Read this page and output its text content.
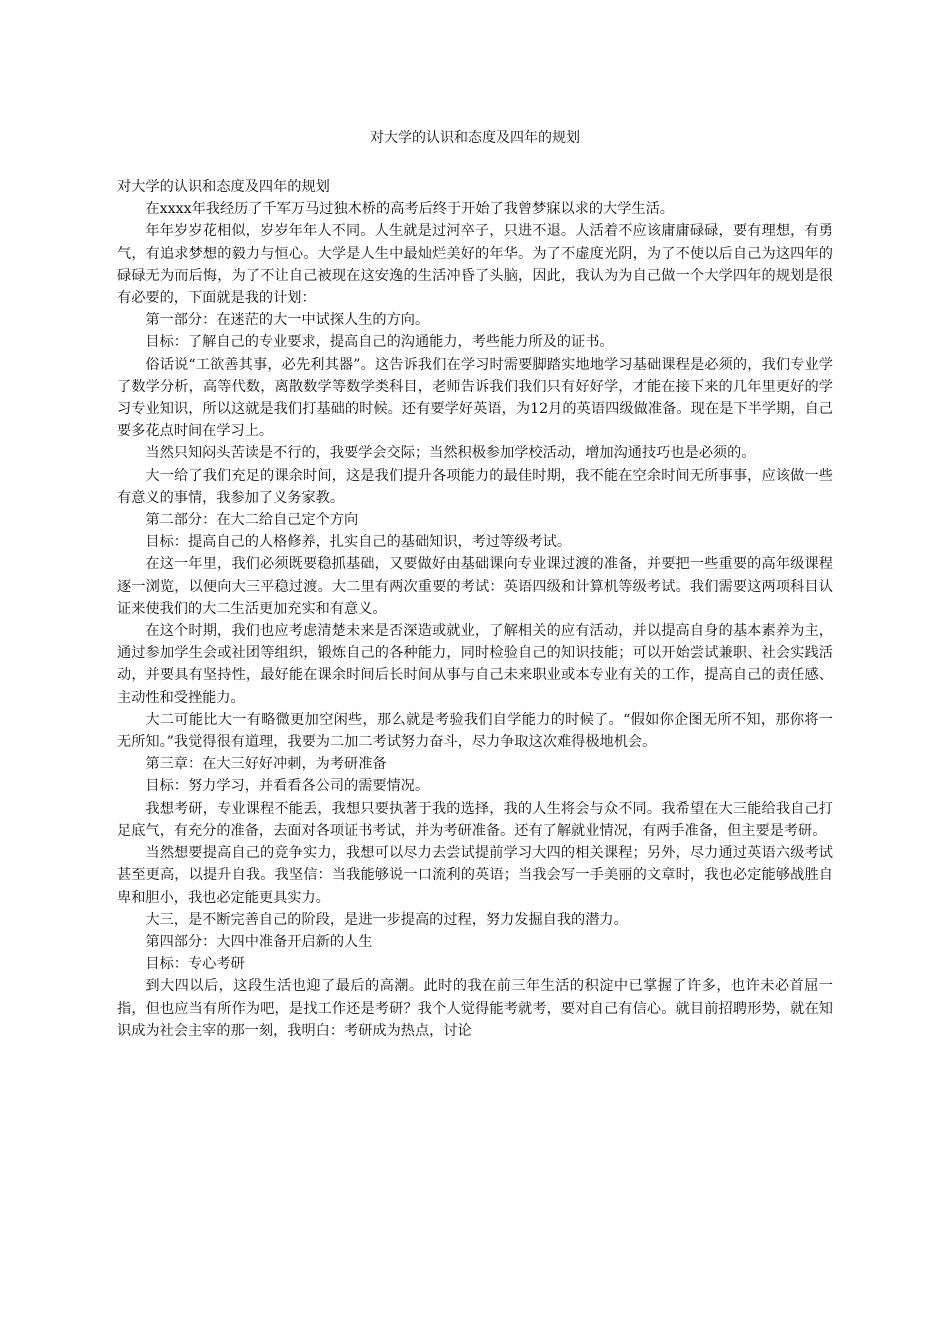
对大学的认识和态度及四年的规划

对大学的认识和态度及四年的规划

在xxxx年我经历了千军万马过独木桥的高考后终于开始了我曾梦寐以求的大学生活。

年年岁岁花相似，岁岁年年人不同。人生就是过河卒子，只进不退。人活着不应该庸庸碌碌，要有理想，有勇气，有追求梦想的毅力与恒心。大学是人生中最灿烂美好的年华。为了不虚度光阴，为了不使以后自己为这四年的碌碌无为而后悔，为了不让自己被现在这安逸的生活冲昏了头脑，因此，我认为为自己做一个大学四年的规划是很有必要的，下面就是我的计划：

第一部分：在迷茫的大一中试探人生的方向。

目标：了解自己的专业要求，提高自己的沟通能力，考些能力所及的证书。

俗话说“工欲善其事，必先利其器”。这告诉我们在学习时需要脚踏实地地学习基础课程是必须的，我们专业学了数学分析，高等代数，离散数学等数学类科目，老师告诉我们我们只有好好学，才能在接下来的几年里更好的学习专业知识，所以这就是我们打基础的时候。还有要学好英语，为12月的英语四级做准备。现在是下半学期，自己要多花点时间在学习上。

当然只知闷头苦读是不行的，我要学会交际；当然积极参加学校活动，增加沟通技巧也是必须的。

大一给了我们充足的课余时间，这是我们提升各项能力的最佳时期，我不能在空余时间无所事事，应该做一些有意义的事情，我参加了义务家教。

第二部分：在大二给自己定个方向

目标：提高自己的人格修养，扎实自己的基础知识，考过等级考试。

在这一年里，我们必须既要稳抓基础，又要做好由基础课向专业课过渡的准备，并要把一些重要的高年级课程逐一浏览，以便向大三平稳过渡。大二里有两次重要的考试：英语四级和计算机等级考试。我们需要这两项科目认证来使我们的大二生活更加充实和有意义。

在这个时期，我们也应考虑清楚未来是否深造或就业，了解相关的应有活动，并以提高自身的基本素养为主，通过参加学生会或社团等组织，锻炼自己的各种能力，同时检验自己的知识技能；可以开始尝试兼职、社会实践活动，并要具有坚持性，最好能在课余时间后长时间从事与自己未来职业或本专业有关的工作，提高自己的责任感、主动性和受挫能力。

大二可能比大一有略微更加空闲些，那么就是考验我们自学能力的时候了。“假如你企图无所不知，那你将一无所知。”我觉得很有道理，我要为二加二考试努力奋斗，尽力争取这次难得极地机会。

第三章：在大三好好冲刺，为考研准备

目标：努力学习，并看看各公司的需要情况。

我想考研，专业课程不能丢，我想只要执著于我的选择，我的人生将会与众不同。我希望在大三能给我自己打足底气，有充分的准备，去面对各项证书考试，并为考研准备。还有了解就业情况，有两手准备，但主要是考研。

当然想要提高自己的竞争实力，我想可以尽力去尝试提前学习大四的相关课程；另外，尽力通过英语六级考试甚至更高，以提升自我。我坚信：当我能够说一口流利的英语；当我会写一手美丽的文章时，我也必定能够战胜自卑和胆小，我也必定能更具实力。

大三，是不断完善自己的阶段，是进一步提高的过程，努力发掘自我的潜力。

第四部分：大四中准备开启新的人生

目标：专心考研

到大四以后，这段生活也迎了最后的高潮。此时的我在前三年生活的积淀中已掌握了许多，也许未必首屈一指，但也应当有所作为吧，是找工作还是考研？我个人觉得能考就考，要对自己有信心。就目前招聘形势，就在知识成为社会主宰的那一刻，我明白：考研成为热点，讨论
